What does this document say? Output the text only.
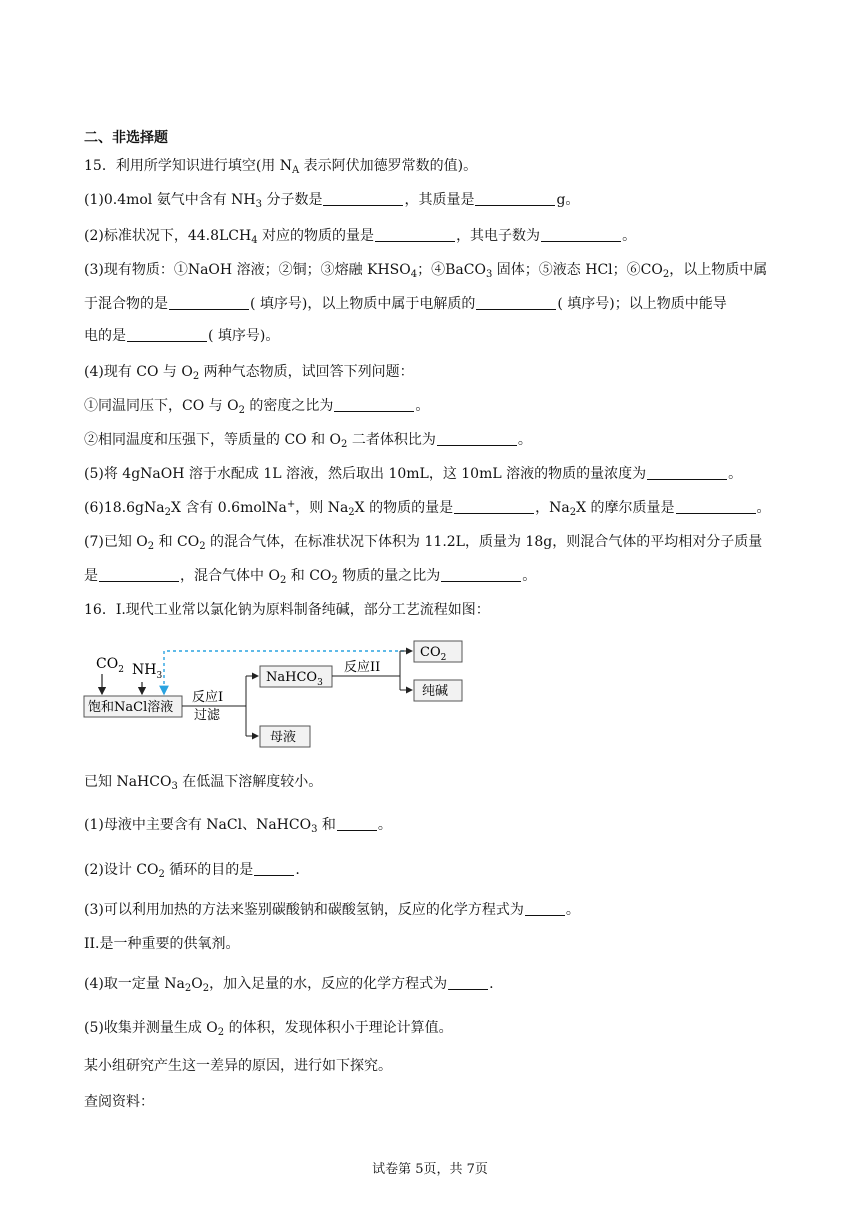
二、非选择题
15．利用所学知识进行填空(用 $N_A$ 表示阿伏加德罗常数的值)。
(1)0.4mol 氨气中含有 $NH_3$ 分子数是	，其质量是	g。
(2)标准状况下，$44.8LCH_4$ 对应的物质的量是	，其电子数为	。
(3)现有物质：①NaOH 溶液；②铜；③熔融 $KHSO_4$；④BaCO$_3$ 固体；⑤液态 HCl；$⑥CO_2$，以上物质中属
于混合物的是	( 填序号)，以上物质中属于电解质的	( 填序号)；以上物质中能导
电的是	( 填序号)。
(4)现有 CO 与 $O_2$ 两种气态物质，试回答下列问题：
①同温同压下，CO 与 $O_2$ 的密度之比为	。
②相同温度和压强下，等质量的 CO 和 $O_2$ 二者体积比为	。
(5)将 4gNaOH 溶于水配成 1L 溶液，然后取出 10mL，这 10mL 溶液的物质的量浓度为	。
(6)18.6gNa$_2$X 含有 0.6molNa+，则 $Na_2X$ 的物质的量是	，$Na_2X$ 的摩尔质量是	。
(7)已知 $O_2$ 和 $CO_2$ 的混合气体，在标准状况下体积为 11.2L，质量为 18g，则混合气体的平均相对分子质量
是	，混合气体中 $O_2$ 和 $CO_2$ 物质的量之比为	。
16．I.现代工业常以氯化钠为原料制备纯碱，部分工艺流程如图：
$CO_2$ $NH_3$
饱和NaCl溶液
反应I
过滤
NaHCO$_3$
母液
反应II
$CO_2$
纯碱
已知 NaHCO$_3$ 在低温下溶解度较小。
(1)母液中主要含有 NaCl、NaHCO$_3$ 和	。
(2)设计 $CO_2$ 循环的目的是	.
(3)可以利用加热的方法来鉴别碳酸钠和碳酸氢钠，反应的化学方程式为	。
II.是一种重要的供氧剂。
(4)取一定量 $Na_2O_2$，加入足量的水，反应的化学方程式为	.
(5)收集并测量生成 $O_2$ 的体积，发现体积小于理论计算值。
某小组研究产生这一差异的原因，进行如下探究。
查阅资料：
试卷第 5页，共 7页
